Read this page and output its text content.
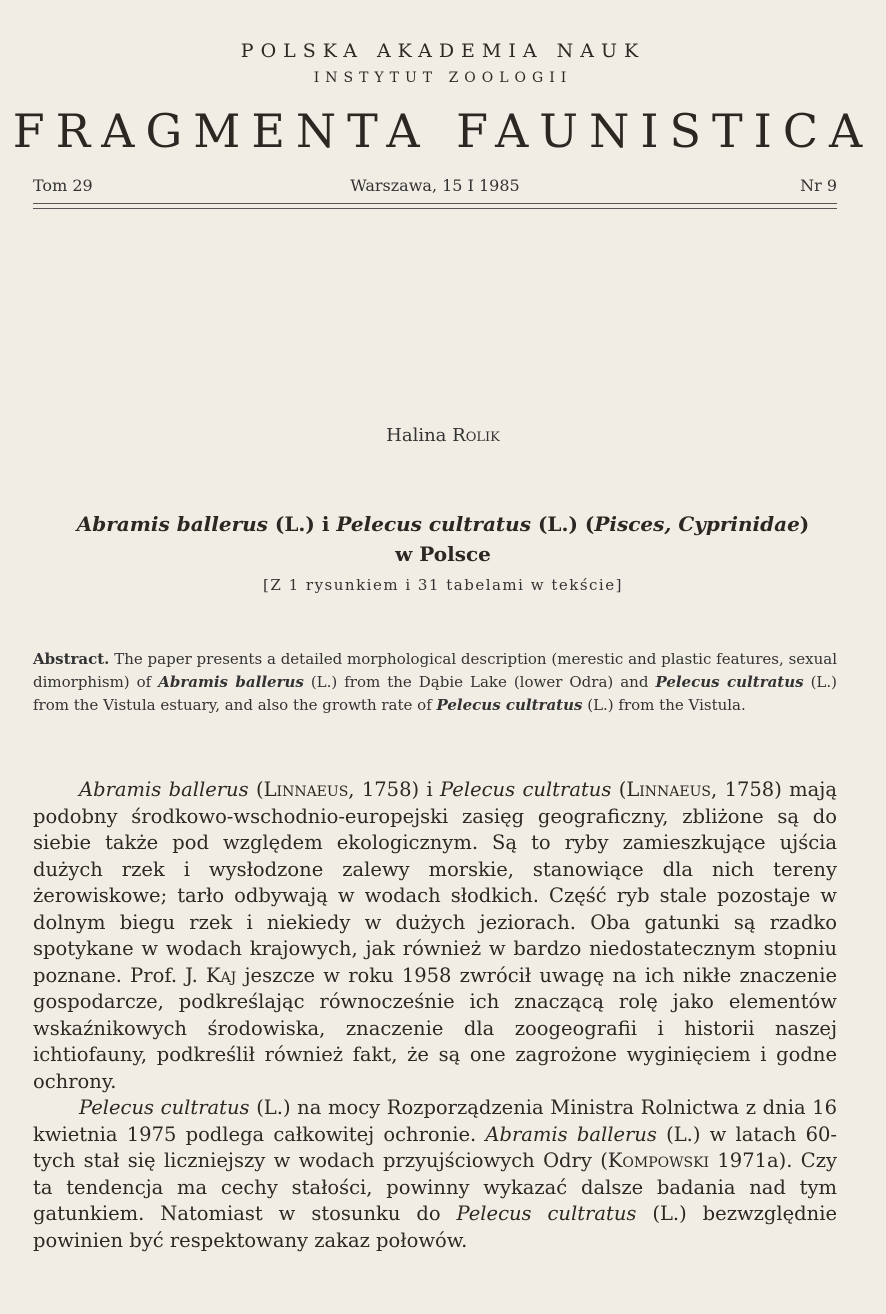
POLSKA AKADEMIA NAUK
INSTYTUT ZOOLOGII
FRAGMENTA FAUNISTICA
Tom 29	Warszawa, 15 I 1985	Nr 9
Halina Rolik
Abramis ballerus (L.) i Pelecus cultratus (L.) (Pisces, Cyprinidae)
w Polsce
[Z 1 rysunkiem i 31 tabelami w tekście]
Abstract. The paper presents a detailed morphological description (merestic and plastic features, sexual dimorphism) of Abramis ballerus (L.) from the Dąbie Lake (lower Odra) and Pelecus cultratus (L.) from the Vistula estuary, and also the growth rate of Pelecus cultratus (L.) from the Vistula.

Abramis ballerus (Linnaeus, 1758) i Pelecus cultratus (Linnaeus, 1758) mają podobny środkowo-wschodnio-europejski zasięg geograficzny, zbliżone są do siebie także pod względem ekologicznym. Są to ryby zamieszkujące ujścia dużych rzek i wysłodzone zalewy morskie, stanowiące dla nich tereny żerowiskowe; tarło odbywają w wodach słodkich. Część ryb stale pozostaje w dolnym biegu rzek i niekiedy w dużych jeziorach. Oba gatunki są rzadko spotykane w wodach krajowych, jak również w bardzo niedostatecznym stopniu poznane. Prof. J. Kaj jeszcze w roku 1958 zwrócił uwagę na ich nikłe znaczenie gospodarcze, podkreślając równocześnie ich znaczącą rolę jako elementów wskaźnikowych środowiska, znaczenie dla zoogeografii i historii naszej ichtiofauny, podkreślił również fakt, że są one zagrożone wyginięciem i godne ochrony.

Pelecus cultratus (L.) na mocy Rozporządzenia Ministra Rolnictwa z dnia 16 kwietnia 1975 podlega całkowitej ochronie. Abramis ballerus (L.) w latach 60-tych stał się liczniejszy w wodach przyujściowych Odry (Kompowski 1971a). Czy ta tendencja ma cechy stałości, powinny wykazać dalsze badania nad tym gatunkiem. Natomiast w stosunku do Pelecus cultratus (L.) bezwzględnie powinien być respektowany zakaz połowów.
